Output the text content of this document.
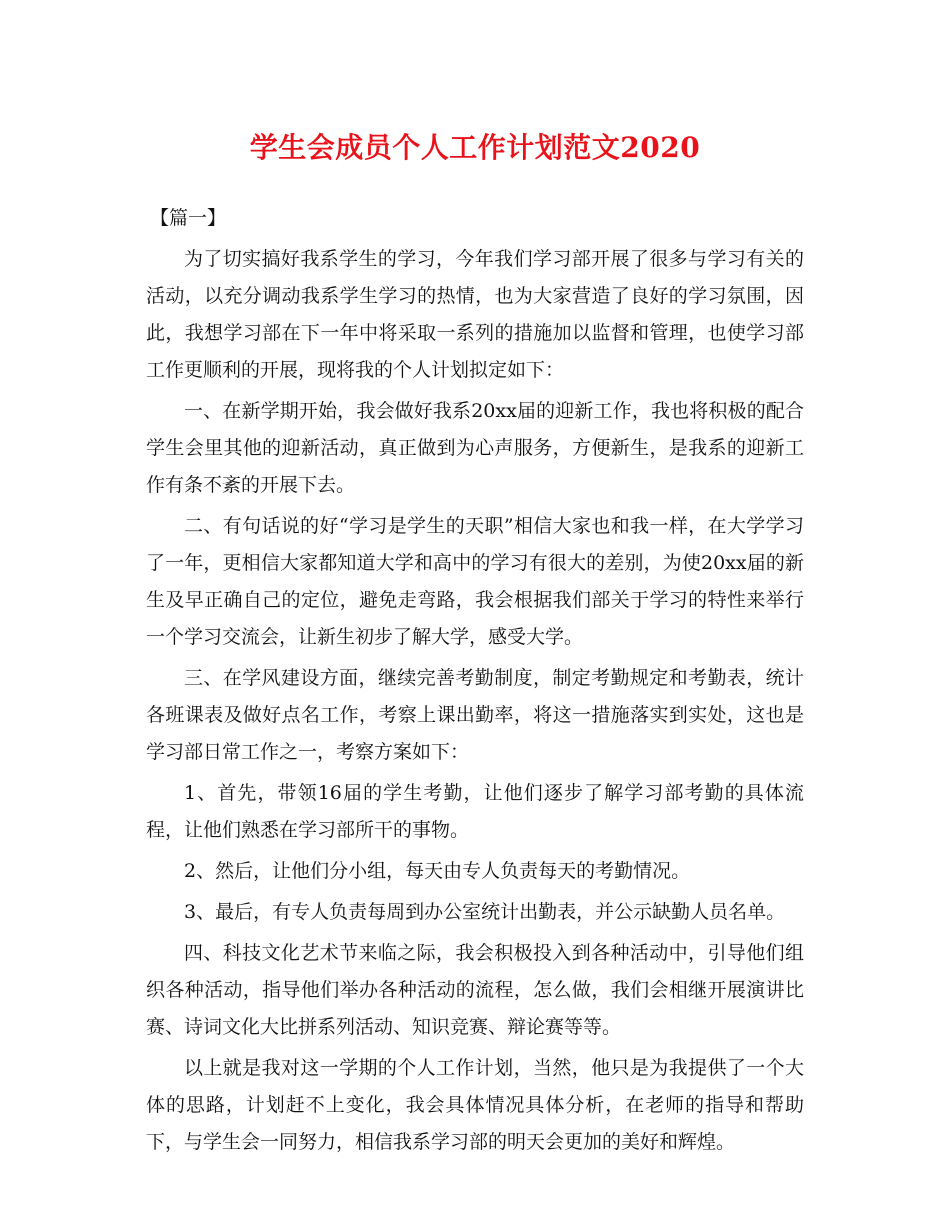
学生会成员个人工作计划范文2020

【篇一】

为了切实搞好我系学生的学习，今年我们学习部开展了很多与学习有关的活动，以充分调动我系学生学习的热情，也为大家营造了良好的学习氛围，因此，我想学习部在下一年中将采取一系列的措施加以监督和管理，也使学习部工作更顺利的开展，现将我的个人计划拟定如下：

一、在新学期开始，我会做好我系20xx届的迎新工作，我也将积极的配合学生会里其他的迎新活动，真正做到为心声服务，方便新生，是我系的迎新工作有条不紊的开展下去。

二、有句话说的好“学习是学生的天职”相信大家也和我一样，在大学学习了一年，更相信大家都知道大学和高中的学习有很大的差别，为使20xx届的新生及早正确自己的定位，避免走弯路，我会根据我们部关于学习的特性来举行一个学习交流会，让新生初步了解大学，感受大学。

三、在学风建设方面，继续完善考勤制度，制定考勤规定和考勤表，统计各班课表及做好点名工作，考察上课出勤率，将这一措施落实到实处，这也是学习部日常工作之一，考察方案如下：

1、首先，带领16届的学生考勤，让他们逐步了解学习部考勤的具体流程，让他们熟悉在学习部所干的事物。

2、然后，让他们分小组，每天由专人负责每天的考勤情况。

3、最后，有专人负责每周到办公室统计出勤表，并公示缺勤人员名单。

四、科技文化艺术节来临之际，我会积极投入到各种活动中，引导他们组织各种活动，指导他们举办各种活动的流程，怎么做，我们会相继开展演讲比赛、诗词文化大比拼系列活动、知识竞赛、辩论赛等等。

以上就是我对这一学期的个人工作计划，当然，他只是为我提供了一个大体的思路，计划赶不上变化，我会具体情况具体分析，在老师的指导和帮助下，与学生会一同努力，相信我系学习部的明天会更加的美好和辉煌。
